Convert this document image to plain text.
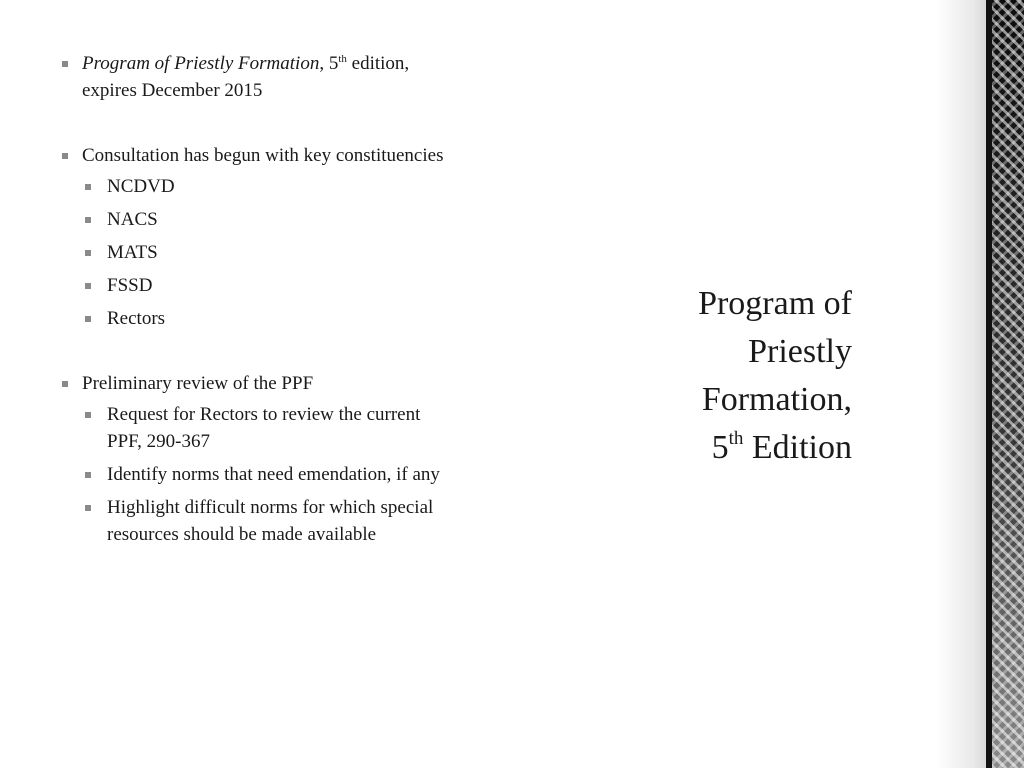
Program of Priestly Formation, 5th edition, expires December 2015
Consultation has begun with key constituencies
NCDVD
NACS
MATS
FSSD
Rectors
Preliminary review of the PPF
Request for Rectors to review the current PPF, 290-367
Identify norms that need emendation, if any
Highlight difficult norms for which special resources should be made available
Program of
Priestly
Formation,
5th Edition
